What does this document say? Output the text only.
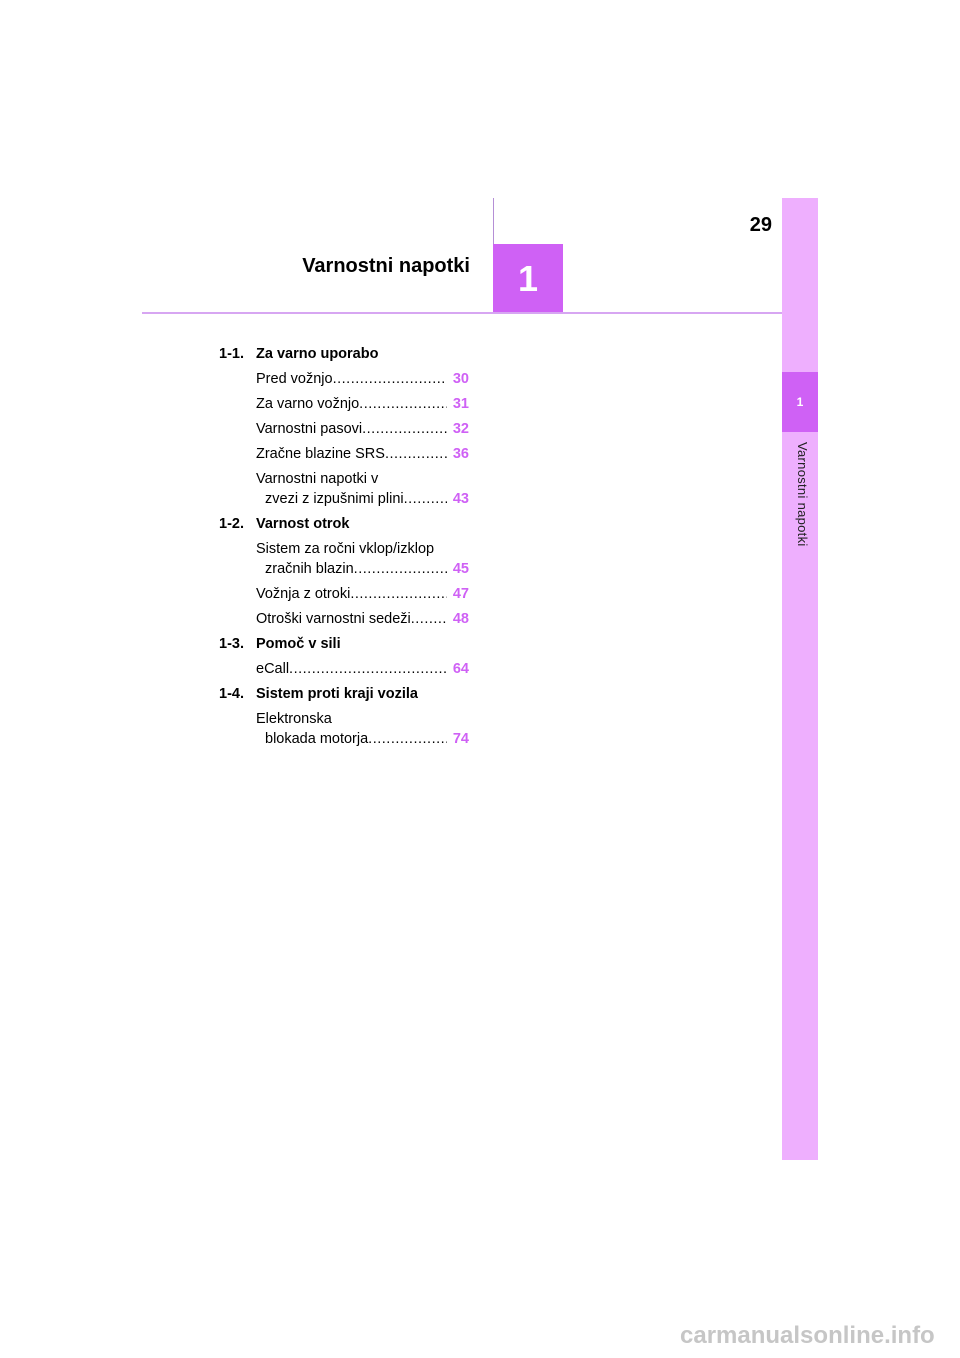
29
Varnostni napotki	1
1
Varnostni napotki
1-1. Za varno uporabo
Pred vožnjo .....	30
Za varno vožnjo .....	31
Varnostni pasovi .....	32
Zračne blazine SRS .....	36
Varnostni napotki v
zvezi z izpušnimi plini .....	43
1-2. Varnost otrok
Sistem za ročni vklop/izklop
zračnih blazin .....	45
Vožnja z otroki .....	47
Otroški varnostni sedeži .....	48
1-3. Pomoč v sili
eCall .....	64
1-4. Sistem proti kraji vozila
Elektronska
blokada motorja .....	74
carmanualsonline.info
